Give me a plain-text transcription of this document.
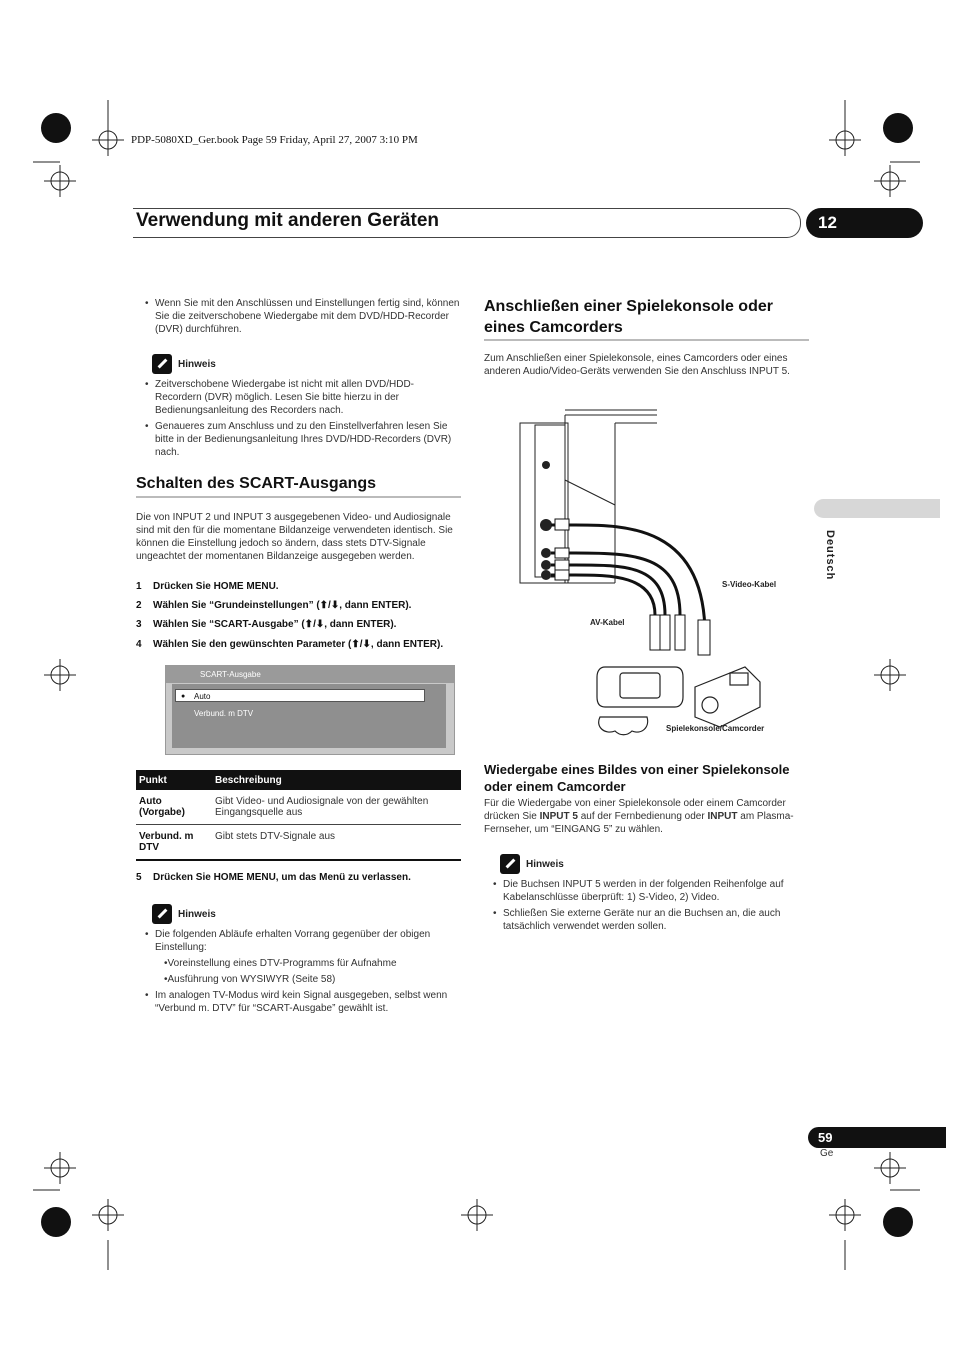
PDP-5080XD_Ger.book Page 59 Friday, April 27, 2007 3:10 PM
Verwendung mit anderen Geräten	12
Deutsch
• Wenn Sie mit den Anschlüssen und Einstellungen fertig sind, können Sie die zeitverschobene Wiedergabe mit dem DVD/HDD-Recorder (DVR) durchführen.
Hinweis
• Zeitverschobene Wiedergabe ist nicht mit allen DVD/HDD-Recordern (DVR) möglich. Lesen Sie bitte hierzu in der Bedienungsanleitung des Recorders nach.
• Genaueres zum Anschluss und zu den Einstellverfahren lesen Sie bitte in der Bedienungsanleitung Ihres DVD/HDD-Recorders (DVR) nach.
Schalten des SCART-Ausgangs
Die von INPUT 2 und INPUT 3 ausgegebenen Video- und Audiosignale sind mit den für die momentane Bildanzeige verwendeten identisch. Sie können die Einstellung jedoch so ändern, dass stets DTV-Signale ungeachtet der momentanen Bildanzeige ausgegeben werden.
1 Drücken Sie HOME MENU.
2 Wählen Sie “Grundeinstellungen” (⬆/⬇, dann ENTER).
3 Wählen Sie “SCART-Ausgabe” (⬆/⬇, dann ENTER).
4 Wählen Sie den gewünschten Parameter (⬆/⬇, dann ENTER).
SCART-Ausgabe
● Auto
Verbund. m DTV
Punkt	Beschreibung
Auto (Vorgabe)	Gibt Video- und Audiosignale von der gewählten Eingangsquelle aus
Verbund. m DTV	Gibt stets DTV-Signale aus
5 Drücken Sie HOME MENU, um das Menü zu verlassen.
Hinweis
• Die folgenden Abläufe erhalten Vorrang gegenüber der obigen Einstellung:
•Voreinstellung eines DTV-Programms für Aufnahme
•Ausführung von WYSIWYR (Seite 58)
• Im analogen TV-Modus wird kein Signal ausgegeben, selbst wenn “Verbund m. DTV” für “SCART-Ausgabe” gewählt ist.
Anschließen einer Spielekonsole oder eines Camcorders
Zum Anschließen einer Spielekonsole, eines Camcorders oder eines anderen Audio/Video-Geräts verwenden Sie den Anschluss INPUT 5.
S-Video-Kabel
AV-Kabel
Spielekonsole/Camcorder
Wiedergabe eines Bildes von einer Spielekonsole oder einem Camcorder
Für die Wiedergabe von einer Spielekonsole oder einem Camcorder drücken Sie INPUT 5 auf der Fernbedienung oder INPUT am Plasma-Fernseher, um “EINGANG 5” zu wählen.
Hinweis
• Die Buchsen INPUT 5 werden in der folgenden Reihenfolge auf Kabelanschlüsse überprüft: 1) S-Video, 2) Video.
• Schließen Sie externe Geräte nur an die Buchsen an, die auch tatsächlich verwendet werden sollen.
59
Ge
